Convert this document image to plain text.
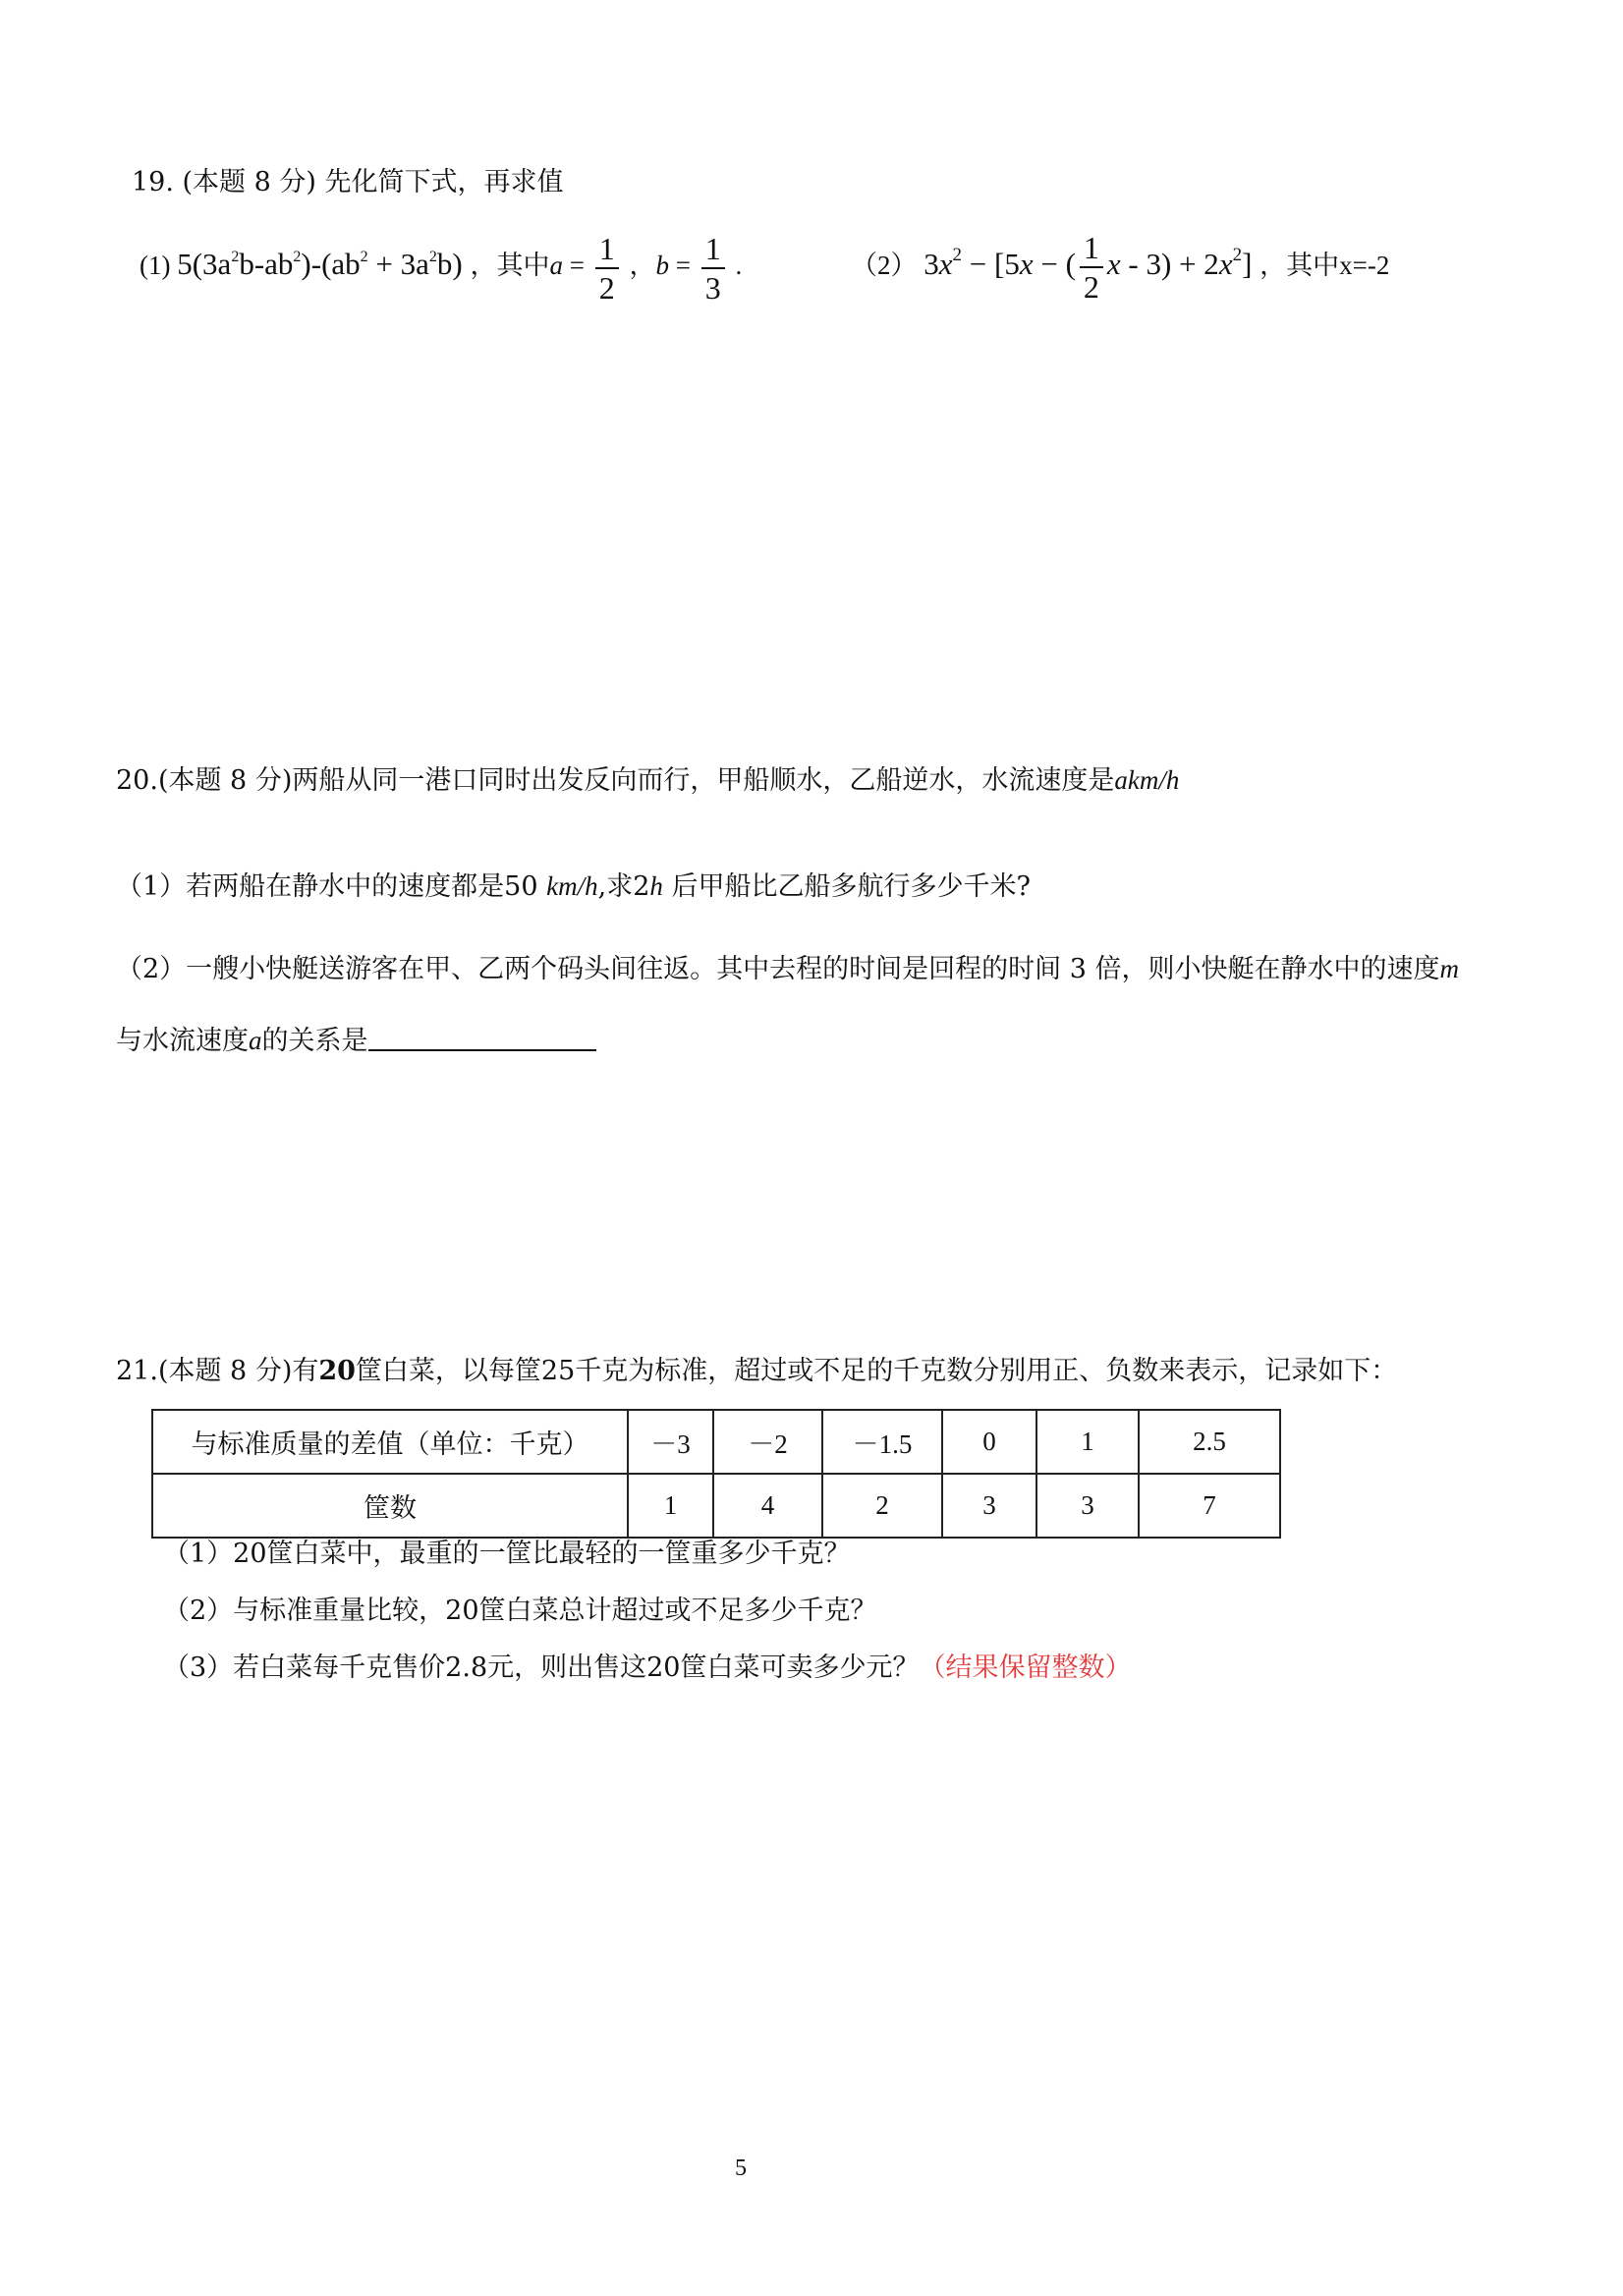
19. (本题 8 分) 先化简下式，再求值
(1) $5(3a^2b-ab^2)-(ab^2 + 3a^2b)$ ，其中$a = \frac{1}{2}$ ，$b = \frac{1}{3}$ .	（2） $3x^2 - [5x$ − ( $\frac{1}{2}$ $x - 3) + 2x^2$] ，其中x=-2
20.(本题 8 分)两船从同一港口同时出发反向而行，甲船顺水，乙船逆水，水流速度是akm/h
（1）若两船在静水中的速度都是50 km/h,求2h 后甲船比乙船多航行多少千米?
（2）一艘小快艇送游客在甲、乙两个码头间往返。其中去程的时间是回程的时间 3 倍，则小快艇在静水中的速度m
与水流速度a的关系是
21.(本题 8 分)有20筐白菜，以每筐25千克为标准，超过或不足的千克数分别用正、负数来表示，记录如下：
与标准质量的差值（单位：千克）	－3	－2	－1.5	0	1	2.5
筐数	1	4	2	3	3	7
（1）20筐白菜中，最重的一筐比最轻的一筐重多少千克？
（2）与标准重量比较，20筐白菜总计超过或不足多少千克？
（3）若白菜每千克售价2.8元，则出售这20筐白菜可卖多少元？（结果保留整数）
5
